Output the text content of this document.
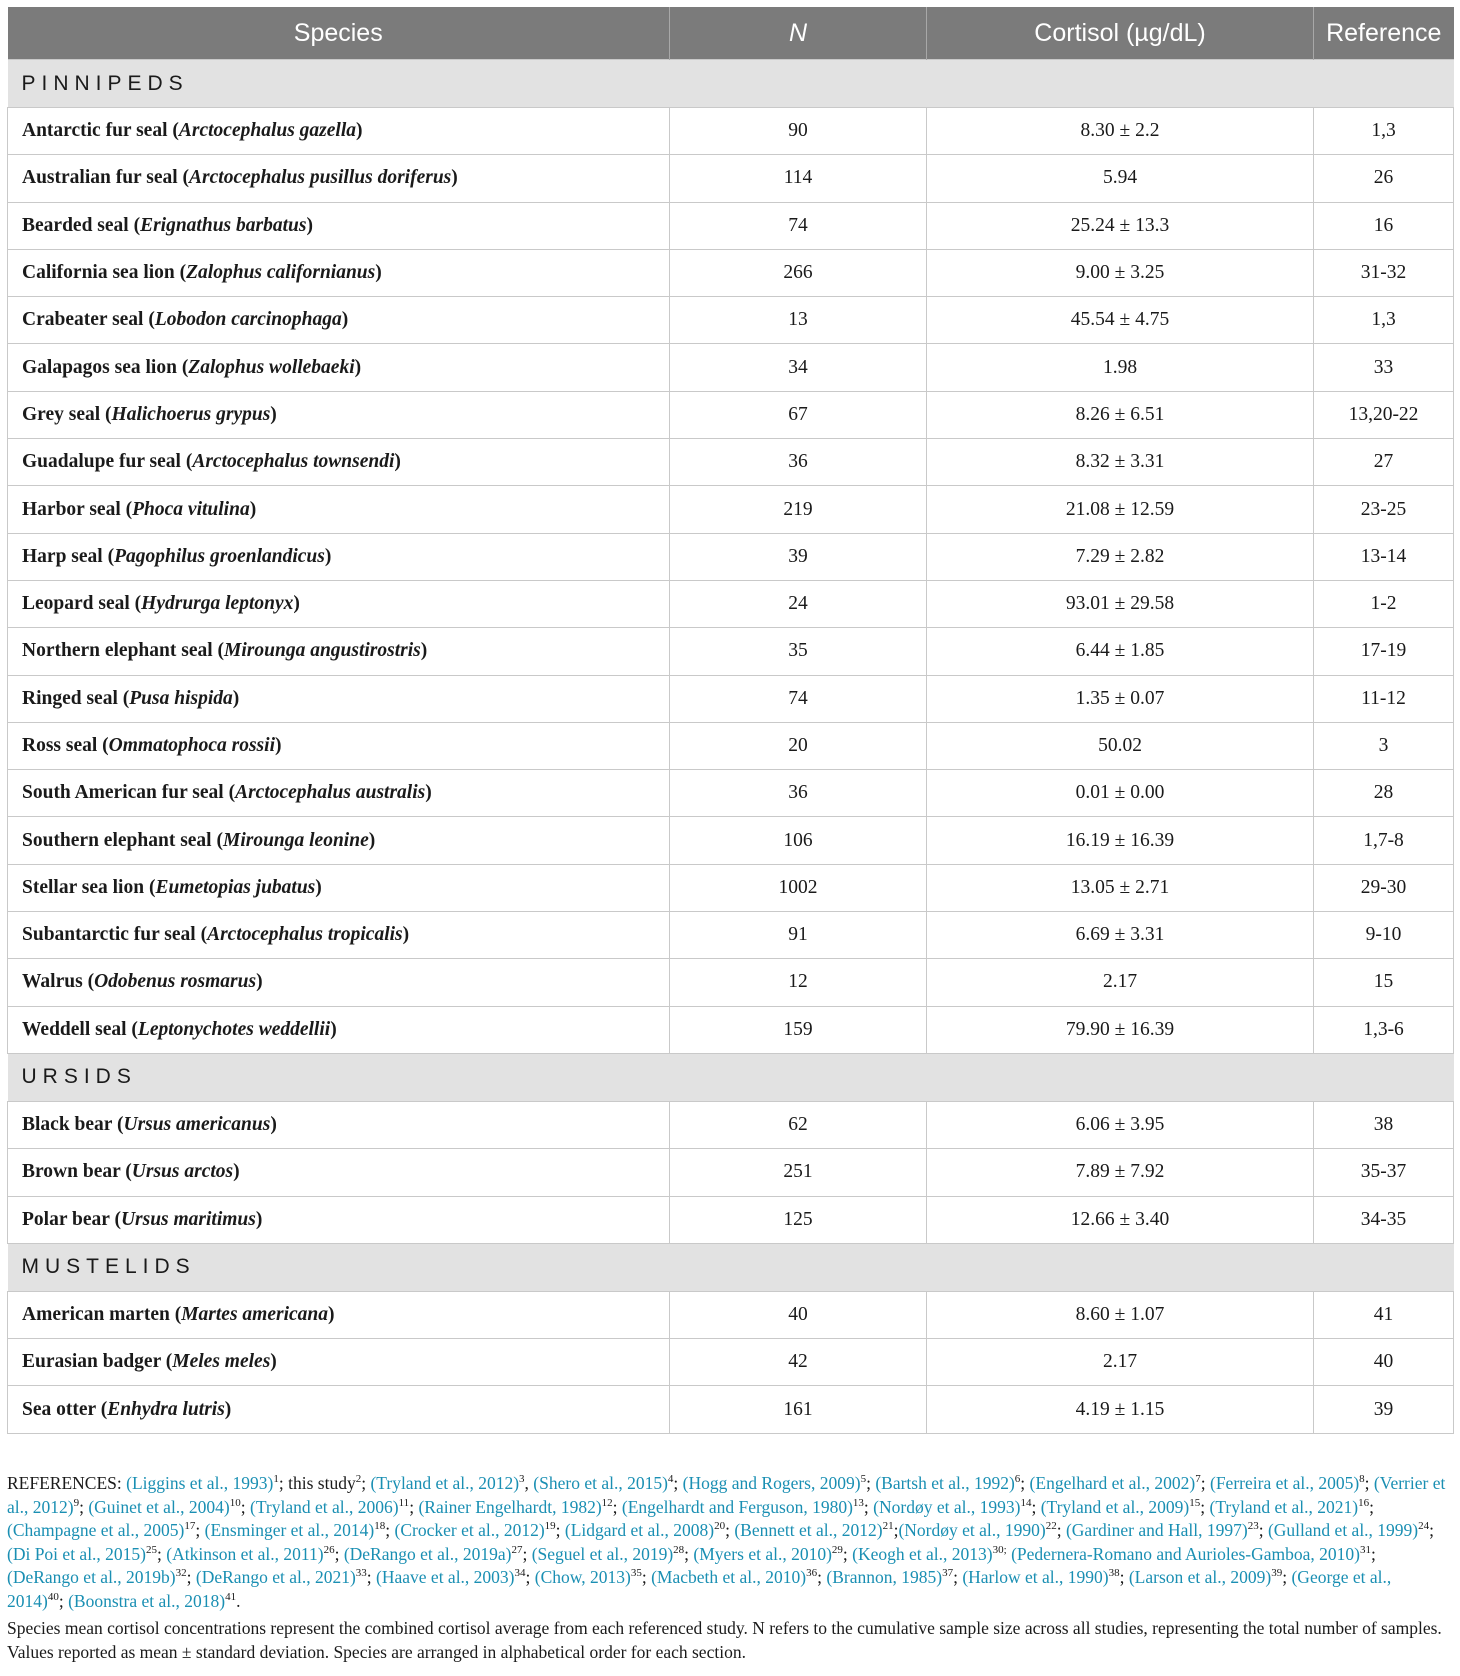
Species	N	Cortisol (µg/dL)	Reference
PINNIPEDS			
Antarctic fur seal (Arctocephalus gazella)	90	8.30 ± 2.2	1,3
Australian fur seal (Arctocephalus pusillus doriferus)	114	5.94	26
Bearded seal (Erignathus barbatus)	74	25.24 ± 13.3	16
California sea lion (Zalophus californianus)	266	9.00 ± 3.25	31-32
Crabeater seal (Lobodon carcinophaga)	13	45.54 ± 4.75	1,3
Galapagos sea lion (Zalophus wollebaeki)	34	1.98	33
Grey seal (Halichoerus grypus)	67	8.26 ± 6.51	13,20-22
Guadalupe fur seal (Arctocephalus townsendi)	36	8.32 ± 3.31	27
Harbor seal (Phoca vitulina)	219	21.08 ± 12.59	23-25
Harp seal (Pagophilus groenlandicus)	39	7.29 ± 2.82	13-14
Leopard seal (Hydrurga leptonyx)	24	93.01 ± 29.58	1-2
Northern elephant seal (Mirounga angustirostris)	35	6.44 ± 1.85	17-19
Ringed seal (Pusa hispida)	74	1.35 ± 0.07	11-12
Ross seal (Ommatophoca rossii)	20	50.02	3
South American fur seal (Arctocephalus australis)	36	0.01 ± 0.00	28
Southern elephant seal (Mirounga leonine)	106	16.19 ± 16.39	1,7-8
Stellar sea lion (Eumetopias jubatus)	1002	13.05 ± 2.71	29-30
Subantarctic fur seal (Arctocephalus tropicalis)	91	6.69 ± 3.31	9-10
Walrus (Odobenus rosmarus)	12	2.17	15
Weddell seal (Leptonychotes weddellii)	159	79.90 ± 16.39	1,3-6
URSIDS			
Black bear (Ursus americanus)	62	6.06 ± 3.95	38
Brown bear (Ursus arctos)	251	7.89 ± 7.92	35-37
Polar bear (Ursus maritimus)	125	12.66 ± 3.40	34-35
MUSTELIDS			
American marten (Martes americana)	40	8.60 ± 1.07	41
Eurasian badger (Meles meles)	42	2.17	40
Sea otter (Enhydra lutris)	161	4.19 ± 1.15	39

REFERENCES: (Liggins et al., 1993)$^1$; this study$^2$; (Tryland et al., 2012)$^3$, (Shero et al., 2015)$^4$; (Hogg and Rogers, 2009)$^5$; (Bartsh et al., 1992)$^6$; (Engelhard et al., 2002)$^7$; (Ferreira et al., 2005)$^8$; (Verrier et al., 2012)$^9$; (Guinet et al., 2004)$^{10}$; (Tryland et al., 2006)$^{11}$; (Rainer Engelhardt, 1982)$^{12}$; (Engelhardt and Ferguson, 1980)$^{13}$; (Nordøy et al., 1993)$^{14}$; (Tryland et al., 2009)$^{15}$; (Tryland et al., 2021)$^{16}$; (Champagne et al., 2005)$^{17}$; (Ensminger et al., 2014)$^{18}$; (Crocker et al., 2012)$^{19}$; (Lidgard et al., 2008)$^{20}$; (Bennett et al., 2012)$^{21}$;(Nordøy et al., 1990)$^{22}$; (Gardiner and Hall, 1997)$^{23}$; (Gulland et al., 1999)$^{24}$; (Di Poi et al., 2015)$^{25}$; (Atkinson et al., 2011)$^{26}$; (DeRango et al., 2019a)$^{27}$; (Seguel et al., 2019)$^{28}$; (Myers et al., 2010)$^{29}$; (Keogh et al., 2013)$^{30;}$ (Pedernera-Romano and Aurioles-Gamboa, 2010)$^{31}$; (DeRango et al., 2019b)$^{32}$; (DeRango et al., 2021)$^{33}$; (Haave et al., 2003)$^{34}$; (Chow, 2013)$^{35}$; (Macbeth et al., 2010)$^{36}$; (Brannon, 1985)$^{37}$; (Harlow et al., 1990)$^{38}$; (Larson et al., 2009)$^{39}$; (George et al., 2014)$^{40}$; (Boonstra et al., 2018)$^{41}$.

Species mean cortisol concentrations represent the combined cortisol average from each referenced study. N refers to the cumulative sample size across all studies, representing the total number of samples. Values reported as mean ± standard deviation. Species are arranged in alphabetical order for each section.
